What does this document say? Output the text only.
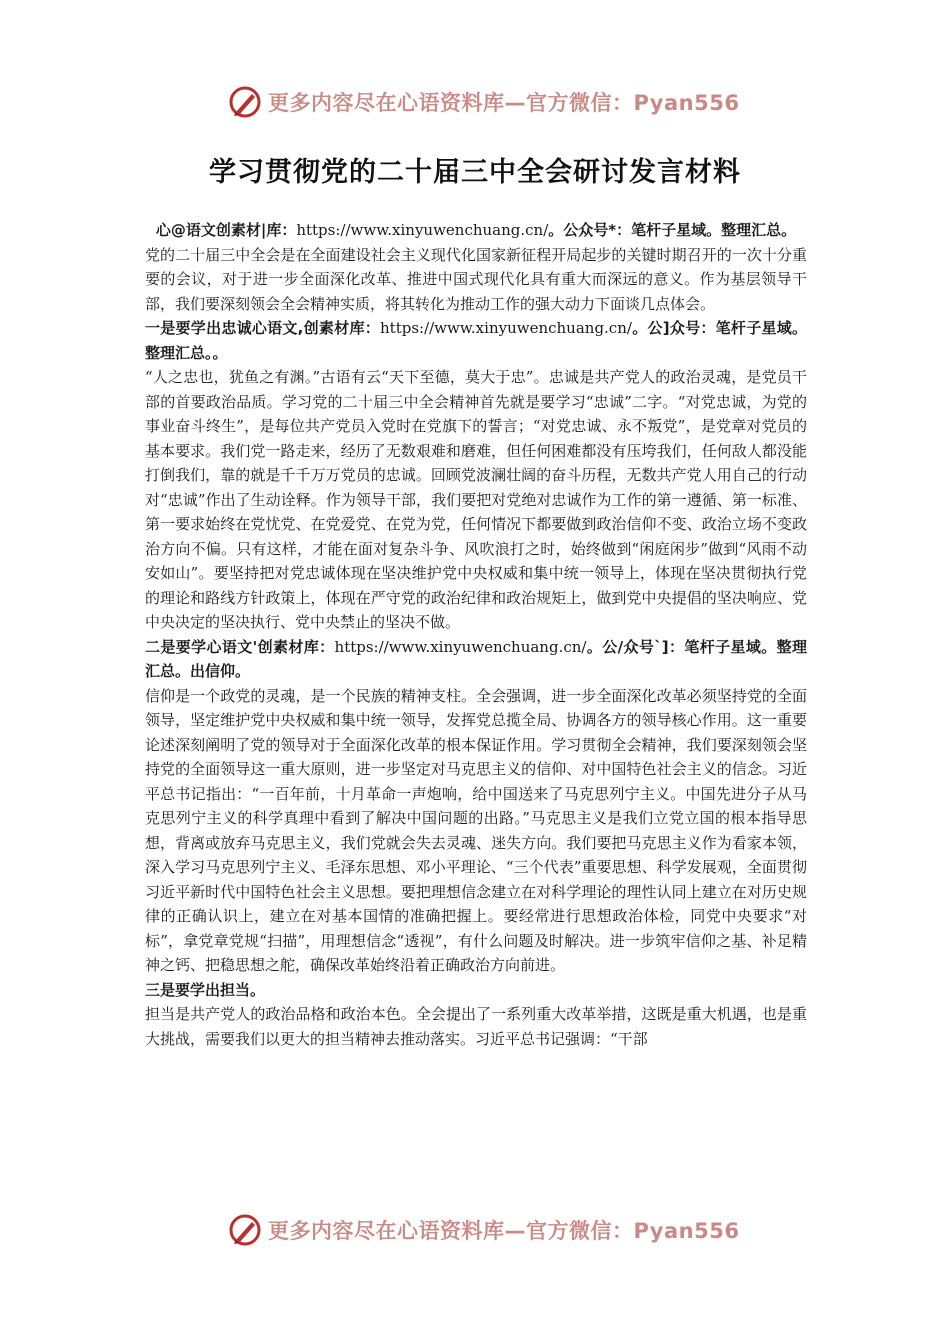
更多内容尽在心语资料库—官方微信：Pyan556
学习贯彻党的二十届三中全会研讨发言材料

心@语文创素材|库：https://www.xinyuwenchuang.cn/。公众号*：笔杆子星域。整理汇总。

党的二十届三中全会是在全面建设社会主义现代化国家新征程开局起步的关键时期召开的一次十分重要的会议，对于进一步全面深化改革、推进中国式现代化具有重大而深远的意义。作为基层领导干部，我们要深刻领会全会精神实质，将其转化为推动工作的强大动力下面谈几点体会。

一是要学出忠诚心语文,创素材库：https://www.xinyuwenchuang.cn/。公]众号：笔杆子星域。整理汇总。。

“人之忠也，犹鱼之有渊。”古语有云“天下至德，莫大于忠”。忠诚是共产党人的政治灵魂，是党员干部的首要政治品质。学习党的二十届三中全会精神首先就是要学习“忠诚”二字。“对党忠诚，为党的事业奋斗终生”，是每位共产党员入党时在党旗下的誓言；“对党忠诚、永不叛党”，是党章对党员的基本要求。我们党一路走来，经历了无数艰难和磨难，但任何困难都没有压垮我们，任何敌人都没能打倒我们，靠的就是千千万万党员的忠诚。回顾党波澜壮阔的奋斗历程，无数共产党人用自己的行动对“忠诚”作出了生动诠释。作为领导干部，我们要把对党绝对忠诚作为工作的第一遵循、第一标准、第一要求始终在党忧党、在党爱党、在党为党，任何情况下都要做到政治信仰不变、政治立场不变政治方向不偏。只有这样，才能在面对复杂斗争、风吹浪打之时，始终做到“闲庭闲步”做到“风雨不动安如山”。要坚持把对党忠诚体现在坚决维护党中央权威和集中统一领导上，体现在坚决贯彻执行党的理论和路线方针政策上，体现在严守党的政治纪律和政治规矩上，做到党中央提倡的坚决响应、党中央决定的坚决执行、党中央禁止的坚决不做。

二是要学心语文'创素材库：https://www.xinyuwenchuang.cn/。公/众号`]：笔杆子星域。整理汇总。出信仰。

信仰是一个政党的灵魂，是一个民族的精神支柱。全会强调，进一步全面深化改革必须坚持党的全面领导，坚定维护党中央权威和集中统一领导，发挥党总揽全局、协调各方的领导核心作用。这一重要论述深刻阐明了党的领导对于全面深化改革的根本保证作用。学习贯彻全会精神，我们要深刻领会坚持党的全面领导这一重大原则，进一步坚定对马克思主义的信仰、对中国特色社会主义的信念。习近平总书记指出：“一百年前，十月革命一声炮响，给中国送来了马克思列宁主义。中国先进分子从马克思列宁主义的科学真理中看到了解决中国问题的出路。”马克思主义是我们立党立国的根本指导思想，背离或放弃马克思主义，我们党就会失去灵魂、迷失方向。我们要把马克思主义作为看家本领，深入学习马克思列宁主义、毛泽东思想、邓小平理论、“三个代表”重要思想、科学发展观，全面贯彻习近平新时代中国特色社会主义思想。要把理想信念建立在对科学理论的理性认同上建立在对历史规律的正确认识上，建立在对基本国情的准确把握上。要经常进行思想政治体检，同党中央要求“对标”，拿党章党规“扫描”，用理想信念“透视”，有什么问题及时解决。进一步筑牢信仰之基、补足精神之钙、把稳思想之舵，确保改革始终沿着正确政治方向前进。

三是要学出担当。

担当是共产党人的政治品格和政治本色。全会提出了一系列重大改革举措，这既是重大机遇，也是重大挑战，需要我们以更大的担当精神去推动落实。习近平总书记强调：“干部

更多内容尽在心语资料库—官方微信：Pyan556
